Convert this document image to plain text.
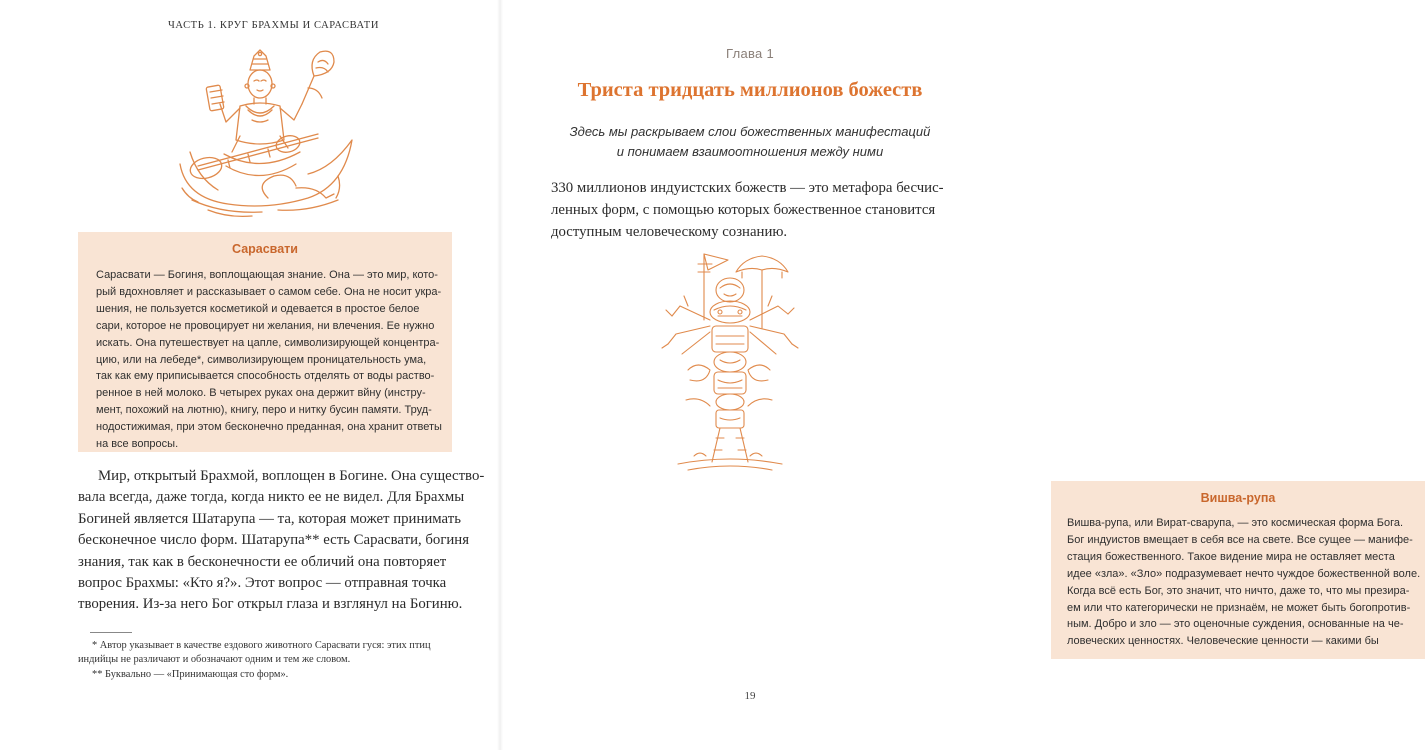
ЧАСТЬ 1. КРУГ БРАХМЫ И САРАСВАТИ
Сарасвати
Сарасвати — Богиня, воплощающая знание. Она — это мир, кото-
рый вдохновляет и рассказывает о самом себе. Она не носит укра-
шения, не пользуется косметикой и одевается в простое белое
сари, которое не провоцирует ни желания, ни влечения. Ее нужно
искать. Она путешествует на цапле, символизирующей концентра-
цию, или на лебеде*, символизирующем проницательность ума,
так как ему приписывается способность отделять от воды раство-
ренное в ней молоко. В четырех руках она держит вйну (инстру-
мент, похожий на лютню), книгу, перо и нитку бусин памяти. Труд-
нодостижимая, при этом бесконечно преданная, она хранит ответы
на все вопросы.
Мир, открытый Брахмой, воплощен в Богине. Она существо-
вала всегда, даже тогда, когда никто ее не видел. Для Брахмы
Богиней является Шатарупа — та, которая может принимать
бесконечное число форм. Шатарупа** есть Сарасвати, богиня
знания, так как в бесконечности ее обличий она повторяет
вопрос Брахмы: «Кто я?». Этот вопрос — отправная точка
творения. Из-за него Бог открыл глаза и взглянул на Богиню.
* Автор указывает в качестве ездового животного Сарасвати гуся: этих птиц
индийцы не различают и обозначают одним и тем же словом.
** Буквально — «Принимающая сто форм».
Глава 1
Триста тридцать миллионов божеств
Здесь мы раскрываем слои божественных манифестаций
и понимаем взаимоотношения между ними
330 миллионов индуистских божеств — это метафора бесчис-
ленных форм, с помощью которых божественное становится
доступным человеческому сознанию.
Вишва-рупа
Вишва-рупа, или Вират-сварупа, — это космическая форма Бога.
Бог индуистов вмещает в себя все на свете. Все сущее — манифе-
стация божественного. Такое видение мира не оставляет места
идее «зла». «Зло» подразумевает нечто чуждое божественной воле.
Когда всё есть Бог, это значит, что ничто, даже то, что мы презира-
ем или что категорически не признаём, не может быть богопротив-
ным. Добро и зло — это оценочные суждения, основанные на че-
ловеческих ценностях. Человеческие ценности — какими бы
19
